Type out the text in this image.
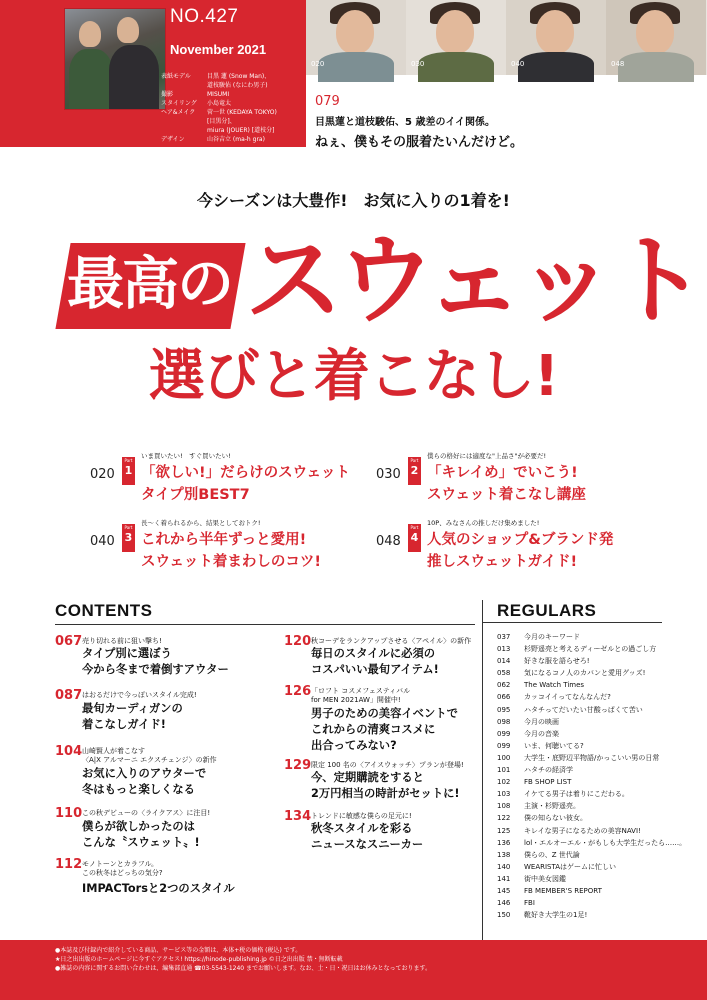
NO.427
November 2021
表紙モデル	目黒 蓮 (Snow Man)、
道枝駿佑 (なにわ男子)
撮影	MISUMI
スタイリング	小島竜太
ヘア&メイク	菅一世 (KEDAYA TOKYO)
[目黒分]、
miura (JOUER) [道枝分]
デザイン	山谷吉立 (ma-h gra)
020	030	040	048
079
目黒蓮と道枝駿佑、5 歳差のイイ関係。
ねぇ、僕もその服着たいんだけど。
今シーズンは大豊作!　お気に入りの1着を!
最高の スウェット
選びと着こなし!
020
Part
1
いま買いたい!　すぐ買いたい!
「欲しい!」だらけのスウェット
タイプ別BEST7
030
Part
2
僕らの格好には適度な"上品さ"が必要だ!
「キレイめ」でいこう!
スウェット着こなし講座
040
Part
3
長〜く着られるから、結果としておトク!
これから半年ずっと愛用!
スウェット着まわしのコツ!
048
Part
4
10P、みなさんの推しだけ集めました!
人気のショップ&ブランド発
推しスウェットガイド!
CONTENTS	REGULARS
067 売り切れる前に狙い撃ち!
タイプ別に選ぼう
今から冬まで着倒すアウター
087 はおるだけで今っぽいスタイル完成!
最旬カーディガンの
着こなしガイド!
104 山崎賢人が着こなす
〈A|X アルマーニ エクスチェンジ〉の新作
お気に入りのアウターで
冬はもっと楽しくなる
110 この秋デビューの〈ライクアス〉に注目!
僕らが欲しかったのは
こんな〝スウェット〟!
112 モノトーンとカラフル。
この秋冬はどっちの気分?
IMPACTorsと2つのスタイル
120 秋コーデをランクアップさせる〈アペイル〉の新作
毎日のスタイルに必須の
コスパいい最旬アイテム!
126 「ロフト コスメフェスティバル
for MEN 2021AW」開催中!
男子のための美容イベントで
これからの清爽コスメに
出合ってみない?
129 限定 100 名の〈アイスウォッチ〉プランが登場!
今、定期購読をすると
2万円相当の時計がセットに!
134 トレンドに敏感な僕らの足元に!
秋冬スタイルを彩る
ニュースなスニーカー
037	今月のキーワード
013	杉野遥亮と考えるディーゼルとの過ごし方
014	好きな服を語らせろ!
058	気になるコノ人のカバンと愛用グッズ!
062	The Watch Times
066	カッコイイってなんなんだ?
095	ハタチってだいたい甘酸っぱくて苦い
098	今月の映画
099	今月の音楽
099	いま、何聴いてる?
100	大学生・底野辺平物語/かっこいい男の日常
101	ハタチの経済学
102	FB SHOP LIST
103	イケてる男子は着りにこだわる。
108	主演・杉野遥亮。
122	僕の知らない彼女。
125	キレイな男子になるための美容NAVI!
136	lol・エルオーエル・がもしも大学生だったら……。
138	僕らの、Z 世代論
140	WEARISTAはゲームに忙しい
141	街中美女図鑑
145	FB MEMBER'S REPORT
146	FBI
150	靴好き大学生の1足!
●本誌及び付録内で紹介している商品、サービス等の金額は、本体+税の価格 (税込) です。
★日之出出版のホームページに今すぐアクセス! https://hinode-publishing.jp ©日之出出版 禁・無断転載
●雑誌の内容に関するお問い合わせは、編集部直通 ☎03-5543-1240 までお願いします。なお、土・日・祝日はお休みとなっております。
